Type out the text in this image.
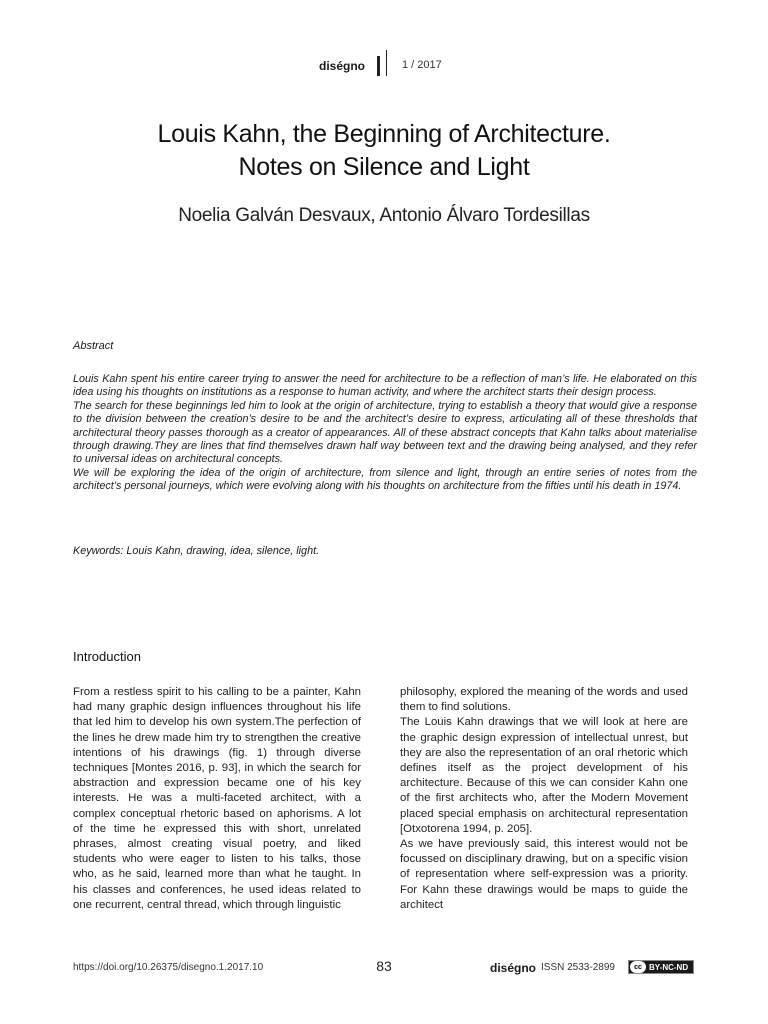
diségno	1 / 2017
Louis Kahn, the Beginning of Architecture.
Notes on Silence and Light
Noelia Galván Desvaux, Antonio Álvaro Tordesillas
Abstract

Louis Kahn spent his entire career trying to answer the need for architecture to be a reflection of man’s life. He elaborated on this idea using his thoughts on institutions as a response to human activity, and where the architect starts their design process.

The search for these beginnings led him to look at the origin of architecture, trying to establish a theory that would give a response to the division between the creation’s desire to be and the architect’s desire to express, articulating all of these thresholds that architectural theory passes thorough as a creator of appearances. All of these abstract concepts that Kahn talks about materialise through drawing.They are lines that find themselves drawn half way between text and the drawing being analysed, and they refer to universal ideas on architectural concepts.

We will be exploring the idea of the origin of architecture, from silence and light, through an entire series of notes from the architect’s personal journeys, which were evolving along with his thoughts on architecture from the fifties until his death in 1974.

Keywords: Louis Kahn, drawing, idea, silence, light.
Introduction

From a restless spirit to his calling to be a painter, Kahn had many graphic design influences throughout his life that led him to develop his own system.The perfection of the lines he drew made him try to strengthen the creative intentions of his drawings (fig. 1) through diverse techniques [Montes 2016, p. 93], in which the search for abstraction and expression became one of his key interests. He was a multi-faceted architect, with a complex conceptual rhetoric based on aphorisms. A lot of the time he expressed this with short, unrelated phrases, almost creating visual poetry, and liked students who were eager to listen to his talks, those who, as he said, learned more than what he taught. In his classes and conferences, he used ideas related to one recurrent, central thread, which through linguistic

philosophy, explored the meaning of the words and used them to find solutions.

The Louis Kahn drawings that we will look at here are the graphic design expression of intellectual unrest, but they are also the representation of an oral rhetoric which defines itself as the project development of his architecture. Because of this we can consider Kahn one of the first architects who, after the Modern Movement placed special emphasis on architectural representation [Otxotorena 1994, p. 205].

As we have previously said, this interest would not be focussed on disciplinary drawing, but on a specific vision of representation where self-expression was a priority. For Kahn these drawings would be maps to guide the architect

https://doi.org/10.26375/disegno.1.2017.10	83	diségno ISSN 2533-2899	cc BY-NC-ND
